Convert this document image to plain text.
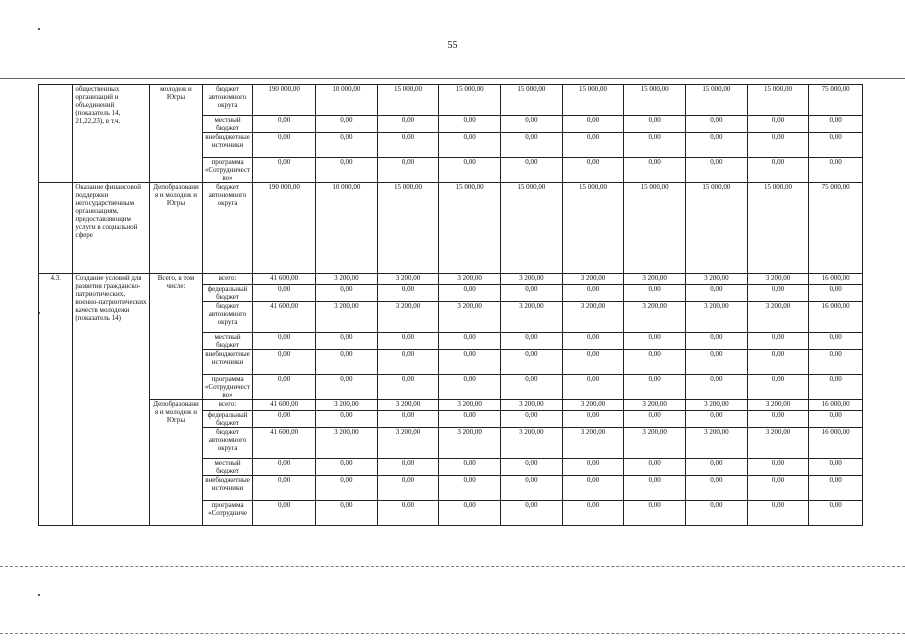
55
	общественных организаций и объединений (показатель 14, 21,22,23), в т.ч.	молодеж и Югры	бюджет автономного округа	190 000,00	10 000,00	15 000,00	15 000,00	15 000,00	15 000,00	15 000,00	15 000,00	15 000,00	75 000,00
			местный бюджет	0,00	0,00	0,00	0,00	0,00	0,00	0,00	0,00	0,00	0,00
			внебюджетные источники	0,00	0,00	0,00	0,00	0,00	0,00	0,00	0,00	0,00	0,00
			программа «Сотрудничество»	0,00	0,00	0,00	0,00	0,00	0,00	0,00	0,00	0,00	0,00
	Оказание финансовой поддержки негосударственным организациям, предоставляющим услуги в социальной сфере	Депобразования и молодеж и Югры	бюджет автономного округа	190 000,00	10 000,00	15 000,00	15 000,00	15 000,00	15 000,00	15 000,00	15 000,00	15 000,00	75 000,00
4.3.	Создание условий для развития гражданско-патриотических, военно-патриотических качеств молодежи (показатель 14)	Всего, в том числе:	всего:	41 600,00	3 200,00	3 200,00	3 200,00	3 200,00	3 200,00	3 200,00	3 200,00	3 200,00	16 000,00
			федеральный бюджет	0,00	0,00	0,00	0,00	0,00	0,00	0,00	0,00	0,00	0,00
			бюджет автономного округа	41 600,00	3 200,00	3 200,00	3 200,00	3 200,00	3 200,00	3 200,00	3 200,00	3 200,00	16 000,00
			местный бюджет	0,00	0,00	0,00	0,00	0,00	0,00	0,00	0,00	0,00	0,00
			внебюджетные источники	0,00	0,00	0,00	0,00	0,00	0,00	0,00	0,00	0,00	0,00
			программа «Сотрудничество»	0,00	0,00	0,00	0,00	0,00	0,00	0,00	0,00	0,00	0,00
		Депобразования и молодеж и Югры	всего:	41 600,00	3 200,00	3 200,00	3 200,00	3 200,00	3 200,00	3 200,00	3 200,00	3 200,00	16 000,00
			федеральный бюджет	0,00	0,00	0,00	0,00	0,00	0,00	0,00	0,00	0,00	0,00
			бюджет автономного округа	41 600,00	3 200,00	3 200,00	3 200,00	3 200,00	3 200,00	3 200,00	3 200,00	3 200,00	16 000,00
			местный бюджет	0,00	0,00	0,00	0,00	0,00	0,00	0,00	0,00	0,00	0,00
			внебюджетные источники	0,00	0,00	0,00	0,00	0,00	0,00	0,00	0,00	0,00	0,00
			программа «Сотрудниче	0,00	0,00	0,00	0,00	0,00	0,00	0,00	0,00	0,00	0,00
